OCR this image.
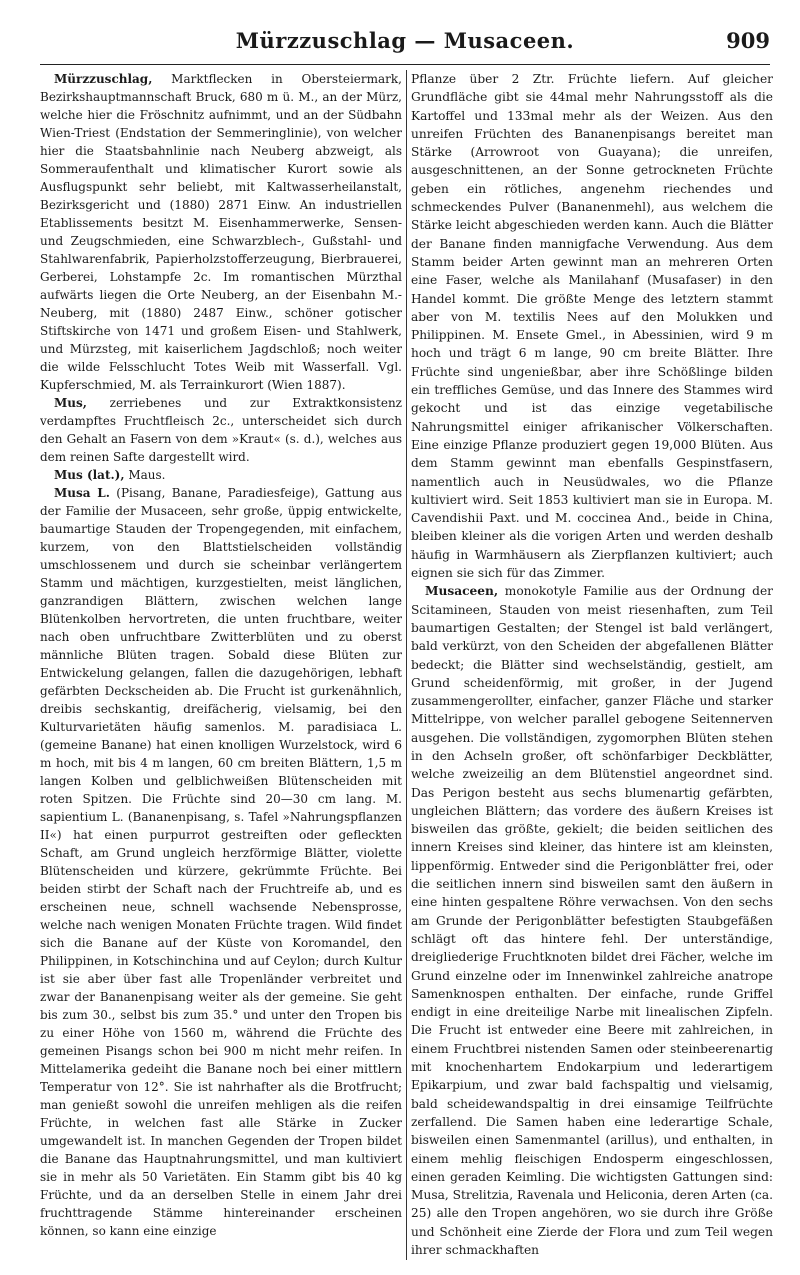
Mürzzuschlag — Musaceen.	909

Mürzzuschlag, Marktflecken in Obersteiermark, Bezirkshauptmannschaft Bruck, 680 m ü. M., an der Mürz, welche hier die Fröschnitz aufnimmt, und an der Südbahn Wien-Triest (Endstation der Semmeringlinie), von welcher hier die Staatsbahnlinie nach Neuberg abzweigt, als Sommeraufenthalt und klimatischer Kurort sowie als Ausflugspunkt sehr beliebt, mit Kaltwasserheilanstalt, Bezirksgericht und (1880) 2871 Einw. An industriellen Etablissements besitzt M. Eisenhammerwerke, Sensen- und Zeugschmieden, eine Schwarzblech-, Gußstahl- und Stahlwarenfabrik, Papierholzstofferzeugung, Bierbrauerei, Gerberei, Lohstampfe 2c. Im romantischen Mürzthal aufwärts liegen die Orte Neuberg, an der Eisenbahn M.-Neuberg, mit (1880) 2487 Einw., schöner gotischer Stiftskirche von 1471 und großem Eisen- und Stahlwerk, und Mürzsteg, mit kaiserlichem Jagdschloß; noch weiter die wilde Felsschlucht Totes Weib mit Wasserfall. Vgl. Kupferschmied, M. als Terrainkurort (Wien 1887).

Mus, zerriebenes und zur Extraktkonsistenz verdampftes Fruchtfleisch 2c., unterscheidet sich durch den Gehalt an Fasern von dem »Kraut« (s. d.), welches aus dem reinen Safte dargestellt wird.

Mus (lat.), Maus.

Musa L. (Pisang, Banane, Paradiesfeige), Gattung aus der Familie der Musaceen, sehr große, üppig entwickelte, baumartige Stauden der Tropengegenden, mit einfachem, kurzem, von den Blattstielscheiden vollständig umschlossenem und durch sie scheinbar verlängertem Stamm und mächtigen, kurzgestielten, meist länglichen, ganzrandigen Blättern, zwischen welchen lange Blütenkolben hervortreten, die unten fruchtbare, weiter nach oben unfruchtbare Zwitterblüten und zu oberst männliche Blüten tragen. Sobald diese Blüten zur Entwickelung gelangen, fallen die dazugehörigen, lebhaft gefärbten Deckscheiden ab. Die Frucht ist gurkenähnlich, dreibis sechskantig, dreifächerig, vielsamig, bei den Kulturvarietäten häufig samenlos. M. paradisiaca L. (gemeine Banane) hat einen knolligen Wurzelstock, wird 6 m hoch, mit bis 4 m langen, 60 cm breiten Blättern, 1,5 m langen Kolben und gelblichweißen Blütenscheiden mit roten Spitzen. Die Früchte sind 20—30 cm lang. M. sapientium L. (Bananenpisang, s. Tafel »Nahrungspflanzen II«) hat einen purpurrot gestreiften oder gefleckten Schaft, am Grund ungleich herzförmige Blätter, violette Blütenscheiden und kürzere, gekrümmte Früchte. Bei beiden stirbt der Schaft nach der Fruchtreife ab, und es erscheinen neue, schnell wachsende Nebensprosse, welche nach wenigen Monaten Früchte tragen. Wild findet sich die Banane auf der Küste von Koromandel, den Philippinen, in Kotschinchina und auf Ceylon; durch Kultur ist sie aber über fast alle Tropenländer verbreitet und zwar der Bananenpisang weiter als der gemeine. Sie geht bis zum 30., selbst bis zum 35.° und unter den Tropen bis zu einer Höhe von 1560 m, während die Früchte des gemeinen Pisangs schon bei 900 m nicht mehr reifen. In Mittelamerika gedeiht die Banane noch bei einer mittlern Temperatur von 12°. Sie ist nahrhafter als die Brotfrucht; man genießt sowohl die unreifen mehligen als die reifen Früchte, in welchen fast alle Stärke in Zucker umgewandelt ist. In manchen Gegenden der Tropen bildet die Banane das Hauptnahrungsmittel, und man kultiviert sie in mehr als 50 Varietäten. Ein Stamm gibt bis 40 kg Früchte, und da an derselben Stelle in einem Jahr drei fruchttragende Stämme hintereinander erscheinen können, so kann eine einzige

Pflanze über 2 Ztr. Früchte liefern. Auf gleicher Grundfläche gibt sie 44mal mehr Nahrungsstoff als die Kartoffel und 133mal mehr als der Weizen. Aus den unreifen Früchten des Bananenpisangs bereitet man Stärke (Arrowroot von Guayana); die unreifen, ausgeschnittenen, an der Sonne getrockneten Früchte geben ein rötliches, angenehm riechendes und schmeckendes Pulver (Bananenmehl), aus welchem die Stärke leicht abgeschieden werden kann. Auch die Blätter der Banane finden mannigfache Verwendung. Aus dem Stamm beider Arten gewinnt man an mehreren Orten eine Faser, welche als Manilahanf (Musafaser) in den Handel kommt. Die größte Menge des letztern stammt aber von M. textilis Nees auf den Molukken und Philippinen. M. Ensete Gmel., in Abessinien, wird 9 m hoch und trägt 6 m lange, 90 cm breite Blätter. Ihre Früchte sind ungenießbar, aber ihre Schößlinge bilden ein treffliches Gemüse, und das Innere des Stammes wird gekocht und ist das einzige vegetabilische Nahrungsmittel einiger afrikanischer Völkerschaften. Eine einzige Pflanze produziert gegen 19,000 Blüten. Aus dem Stamm gewinnt man ebenfalls Gespinstfasern, namentlich auch in Neusüdwales, wo die Pflanze kultiviert wird. Seit 1853 kultiviert man sie in Europa. M. Cavendishii Paxt. und M. coccinea And., beide in China, bleiben kleiner als die vorigen Arten und werden deshalb häufig in Warmhäusern als Zierpflanzen kultiviert; auch eignen sie sich für das Zimmer.

Musaceen, monokotyle Familie aus der Ordnung der Scitamineen, Stauden von meist riesenhaften, zum Teil baumartigen Gestalten; der Stengel ist bald verlängert, bald verkürzt, von den Scheiden der abgefallenen Blätter bedeckt; die Blätter sind wechselständig, gestielt, am Grund scheidenförmig, mit großer, in der Jugend zusammengerollter, einfacher, ganzer Fläche und starker Mittelrippe, von welcher parallel gebogene Seitennerven ausgehen. Die vollständigen, zygomorphen Blüten stehen in den Achseln großer, oft schönfarbiger Deckblätter, welche zweizeilig an dem Blütenstiel angeordnet sind. Das Perigon besteht aus sechs blumenartig gefärbten, ungleichen Blättern; das vordere des äußern Kreises ist bisweilen das größte, gekielt; die beiden seitlichen des innern Kreises sind kleiner, das hintere ist am kleinsten, lippenförmig. Entweder sind die Perigonblätter frei, oder die seitlichen innern sind bisweilen samt den äußern in eine hinten gespaltene Röhre verwachsen. Von den sechs am Grunde der Perigonblätter befestigten Staubgefäßen schlägt oft das hintere fehl. Der unterständige, dreigliederige Fruchtknoten bildet drei Fächer, welche im Grund einzelne oder im Innenwinkel zahlreiche anatrope Samenknospen enthalten. Der einfache, runde Griffel endigt in eine dreiteilige Narbe mit linealischen Zipfeln. Die Frucht ist entweder eine Beere mit zahlreichen, in einem Fruchtbrei nistenden Samen oder steinbeerenartig mit knochenhartem Endokarpium und lederartigem Epikarpium, und zwar bald fachspaltig und vielsamig, bald scheidewandspaltig in drei einsamige Teilfrüchte zerfallend. Die Samen haben eine lederartige Schale, bisweilen einen Samenmantel (arillus), und enthalten, in einem mehlig fleischigen Endosperm eingeschlossen, einen geraden Keimling. Die wichtigsten Gattungen sind: Musa, Strelitzia, Ravenala und Heliconia, deren Arten (ca. 25) alle den Tropen angehören, wo sie durch ihre Größe und Schönheit eine Zierde der Flora und zum Teil wegen ihrer schmackhaften
